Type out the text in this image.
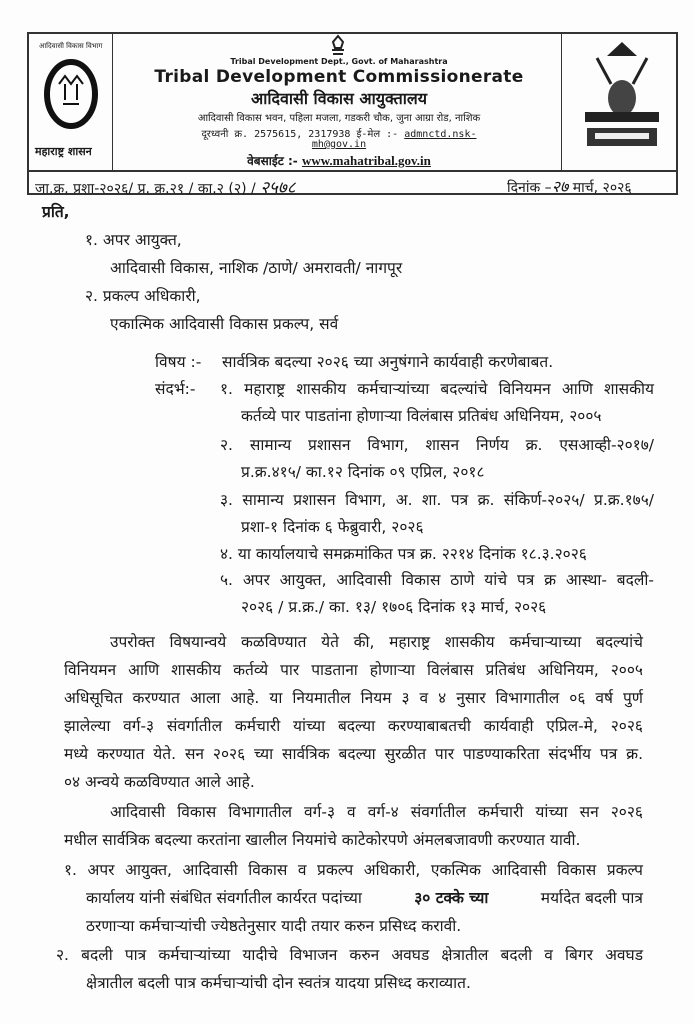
आदिवासी विकास विभाग
महाराष्ट्र शासन
Tribal Development Dept., Govt. of Maharashtra
Tribal Development Commissionerate
आदिवासी विकास आयुक्तालय
आदिवासी विकास भवन, पहिला मजला, गडकरी चौक, जुना आग्रा रोड, नाशिक
दूरध्वनी क्र. 2575615, 2317938 ई-मेल :- admnctd.nsk-
mh@gov.in
वेबसाईट :- www.mahatribal.gov.in
जा.क्र. प्रशा-२०२६/ प्र. क्र.२१ / का.२ (२) / २५७८	दिनांक –२७ मार्च, २०२६
प्रति,
१. अपर आयुक्त,
आदिवासी विकास, नाशिक /ठाणे/ अमरावती/ नागपूर
२. प्रकल्प अधिकारी,
एकात्मिक आदिवासी विकास प्रकल्प, सर्व
विषय :- सार्वत्रिक बदल्या २०२६ च्या अनुषंगाने कार्यवाही करणेबाबत.
संदर्भ:- १. महाराष्ट्र शासकीय कर्मचाऱ्यांच्या बदल्यांचे विनियमन आणि शासकीय
कर्तव्ये पार पाडतांना होणाऱ्या विलंबास प्रतिबंध अधिनियम, २००५
२. सामान्य प्रशासन विभाग, शासन निर्णय क्र. एसआव्ही-२०१७/
प्र.क्र.४१५/ का.१२ दिनांक ०९ एप्रिल, २०१८
३. सामान्य प्रशासन विभाग, अ. शा. पत्र क्र. संकिर्ण-२०२५/ प्र.क्र.१७५/
प्रशा-१ दिनांक ६ फेब्रुवारी, २०२६
४. या कार्यालयाचे समक्रमांकित पत्र क्र. २२१४ दिनांक १८.३.२०२६
५. अपर आयुक्त, आदिवासी विकास ठाणे यांचे पत्र क्र आस्था- बदली-
२०२६ / प्र.क्र./ का. १३/ १७०६ दिनांक १३ मार्च, २०२६
उपरोक्त विषयान्वये कळविण्यात येते की, महाराष्ट्र शासकीय कर्मचाऱ्याच्या बदल्यांचे
विनियमन आणि शासकीय कर्तव्ये पार पाडताना होणाऱ्या विलंबास प्रतिबंध अधिनियम, २००५
अधिसूचित करण्यात आला आहे. या नियमातील नियम ३ व ४ नुसार विभागातील ०६ वर्ष पुर्ण
झालेल्या वर्ग-३ संवर्गातील कर्मचारी यांच्या बदल्या करण्याबाबतची कार्यवाही एप्रिल-मे, २०२६
मध्ये करण्यात येते. सन २०२६ च्या सार्वत्रिक बदल्या सुरळीत पार पाडण्याकरिता संदर्भीय पत्र क्र.
०४ अन्वये कळविण्यात आले आहे.
आदिवासी विकास विभागातील वर्ग-३ व वर्ग-४ संवर्गातील कर्मचारी यांच्या सन २०२६
मधील सार्वत्रिक बदल्या करतांना खालील नियमांचे काटेकोरपणे अंमलबजावणी करण्यात यावी.
१. अपर आयुक्त, आदिवासी विकास व प्रकल्प अधिकारी, एकत्मिक आदिवासी विकास प्रकल्प
कार्यालय यांनी संबंधित संवर्गातील कार्यरत पदांच्या	३० टक्के च्या	मर्यादेत बदली पात्र
ठरणाऱ्या कर्मचाऱ्यांची ज्येष्ठतेनुसार यादी तयार करुन प्रसिध्द करावी.
२. बदली पात्र कर्मचाऱ्यांच्या यादीचे विभाजन करुन अवघड क्षेत्रातील बदली व बिगर अवघड
क्षेत्रातील बदली पात्र कर्मचाऱ्यांची दोन स्वतंत्र यादया प्रसिध्द कराव्यात.
